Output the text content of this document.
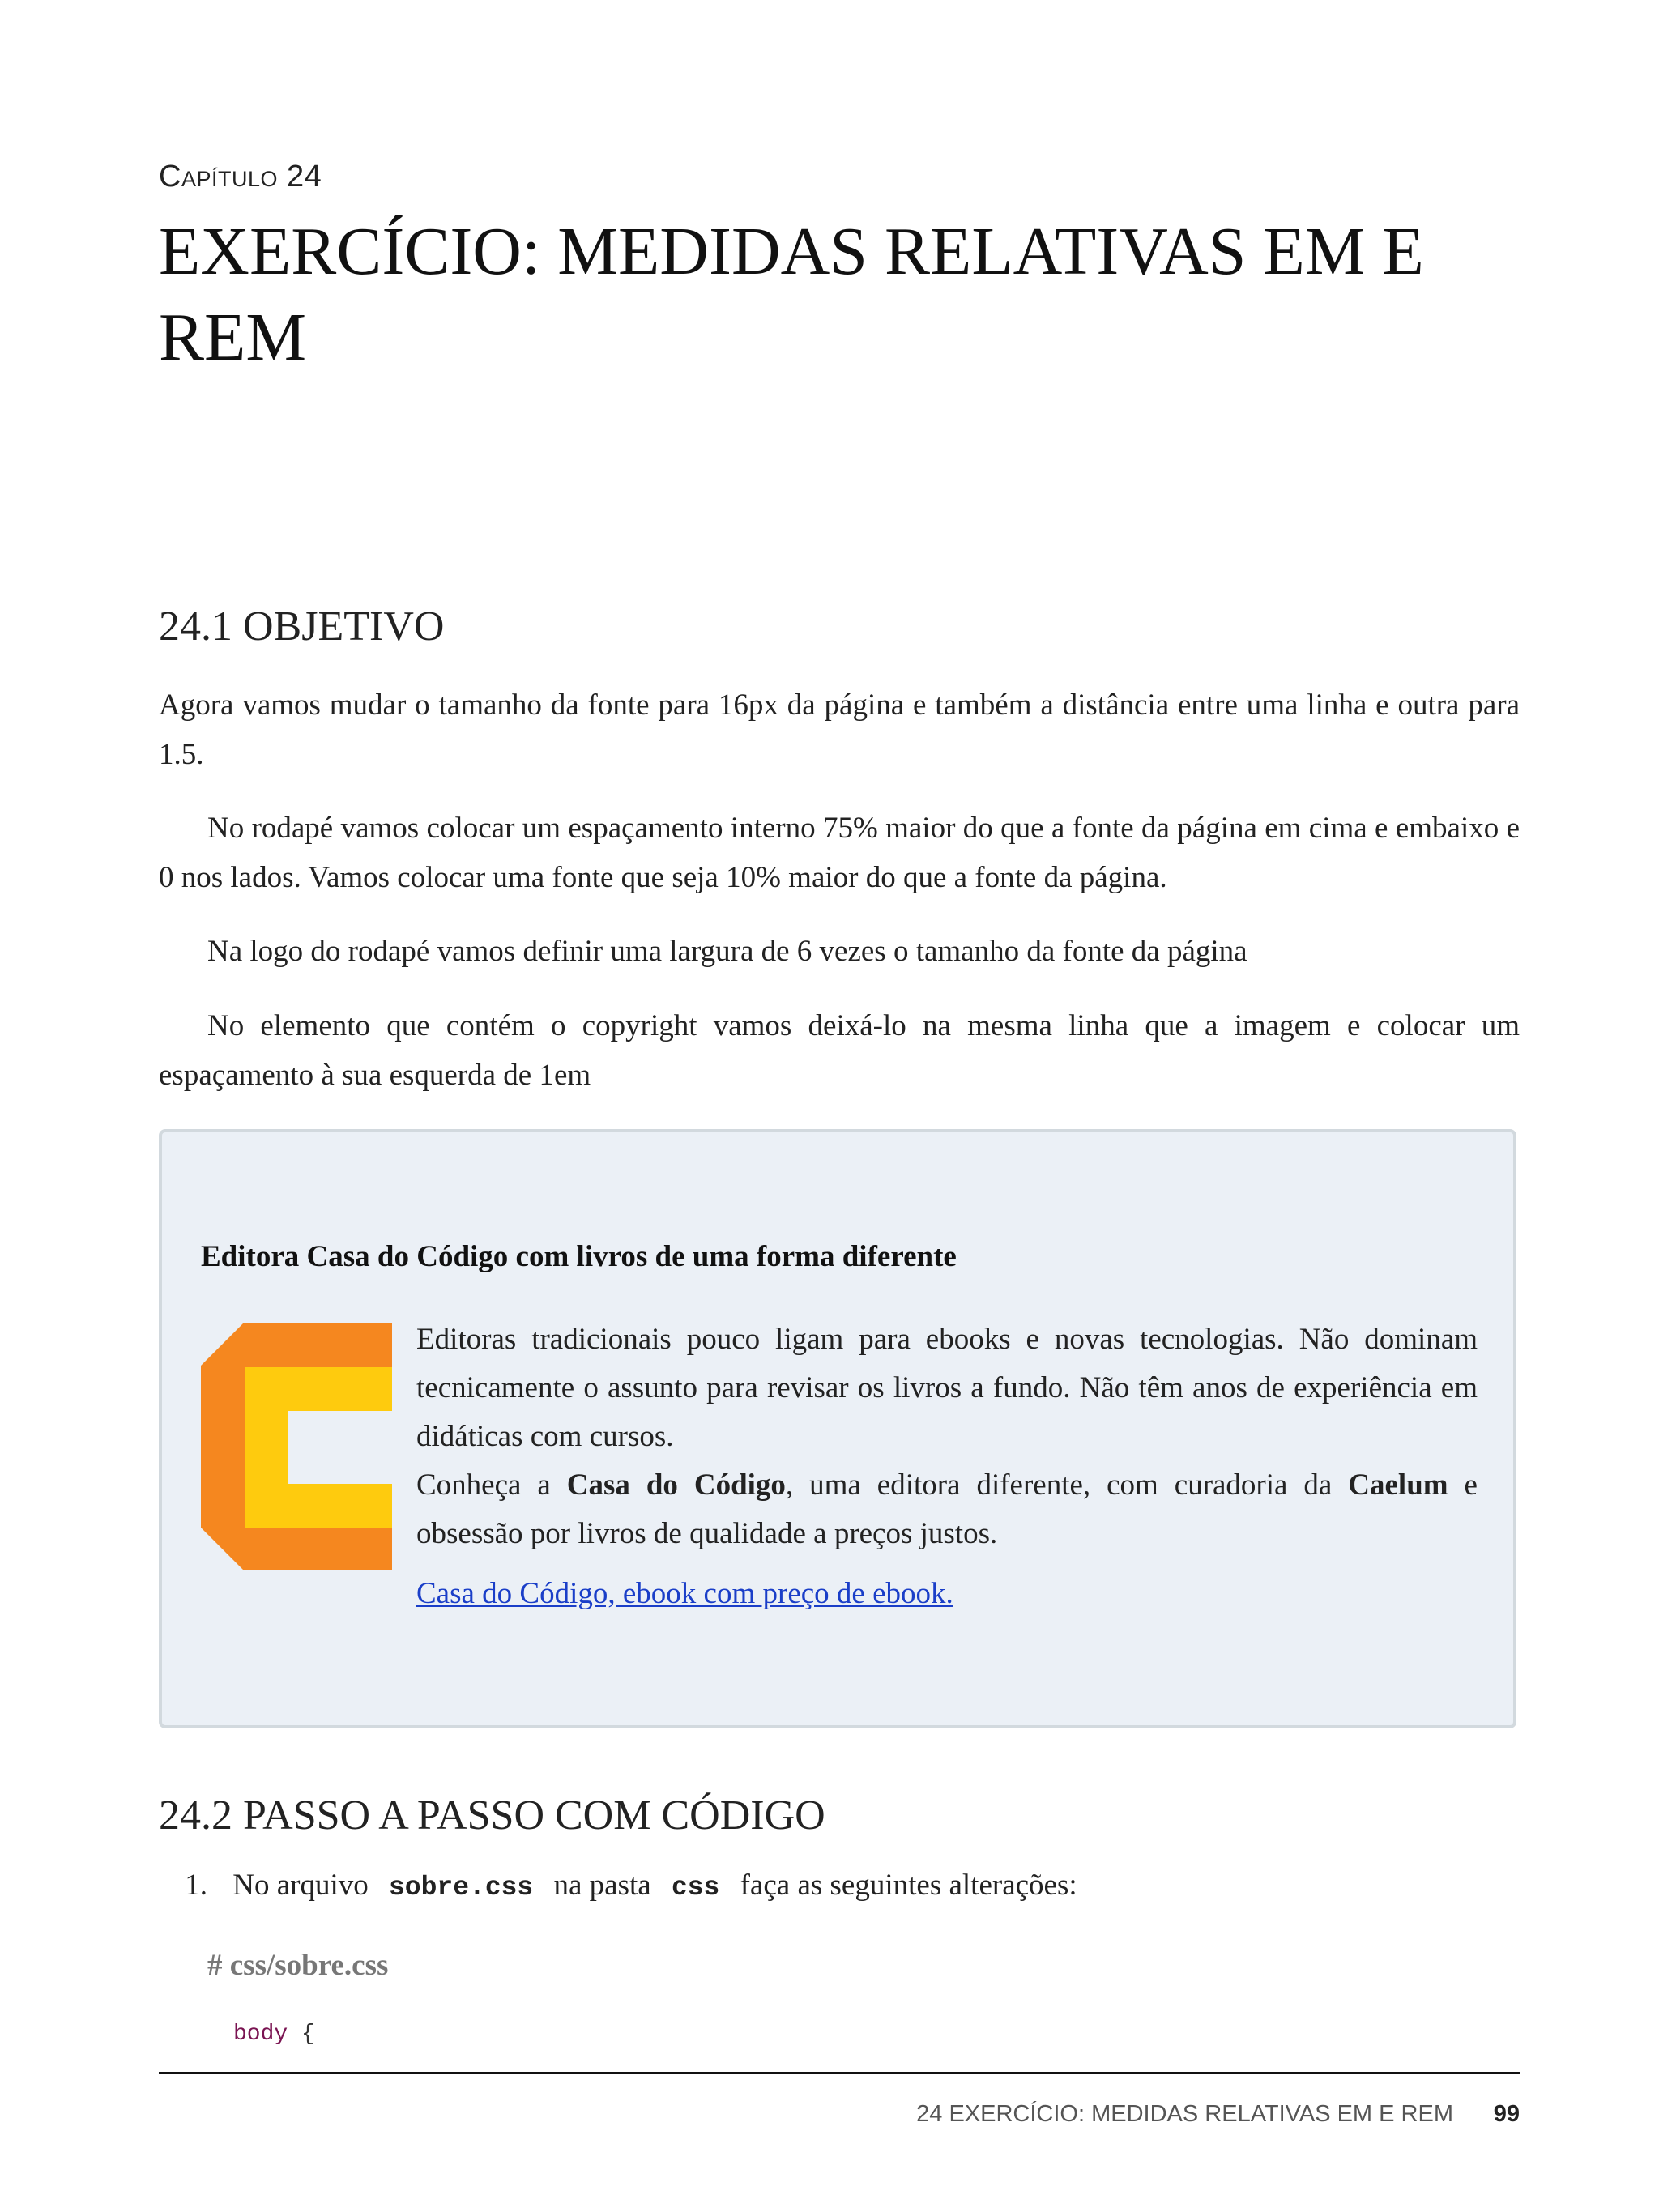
Capítulo 24
EXERCÍCIO: MEDIDAS RELATIVAS EM E REM
24.1 OBJETIVO

Agora vamos mudar o tamanho da fonte para 16px da página e também a distância entre uma linha e outra para 1.5.

No rodapé vamos colocar um espaçamento interno 75% maior do que a fonte da página em cima e embaixo e 0 nos lados. Vamos colocar uma fonte que seja 10% maior do que a fonte da página.

Na logo do rodapé vamos definir uma largura de 6 vezes o tamanho da fonte da página

No elemento que contém o copyright vamos deixá-lo na mesma linha que a imagem e colocar um espaçamento à sua esquerda de 1em

Editora Casa do Código com livros de uma forma diferente

Editoras tradicionais pouco ligam para ebooks e novas tecnologias. Não dominam tecnicamente o assunto para revisar os livros a fundo. Não têm anos de experiência em didáticas com cursos.
Conheça a Casa do Código, uma editora diferente, com curadoria da Caelum e obsessão por livros de qualidade a preços justos.

Casa do Código, ebook com preço de ebook.
24.2 PASSO A PASSO COM CÓDIGO
1. No arquivo sobre.css na pasta css faça as seguintes alterações:
# css/sobre.css
body {
24 EXERCÍCIO: MEDIDAS RELATIVAS EM E REM 99
